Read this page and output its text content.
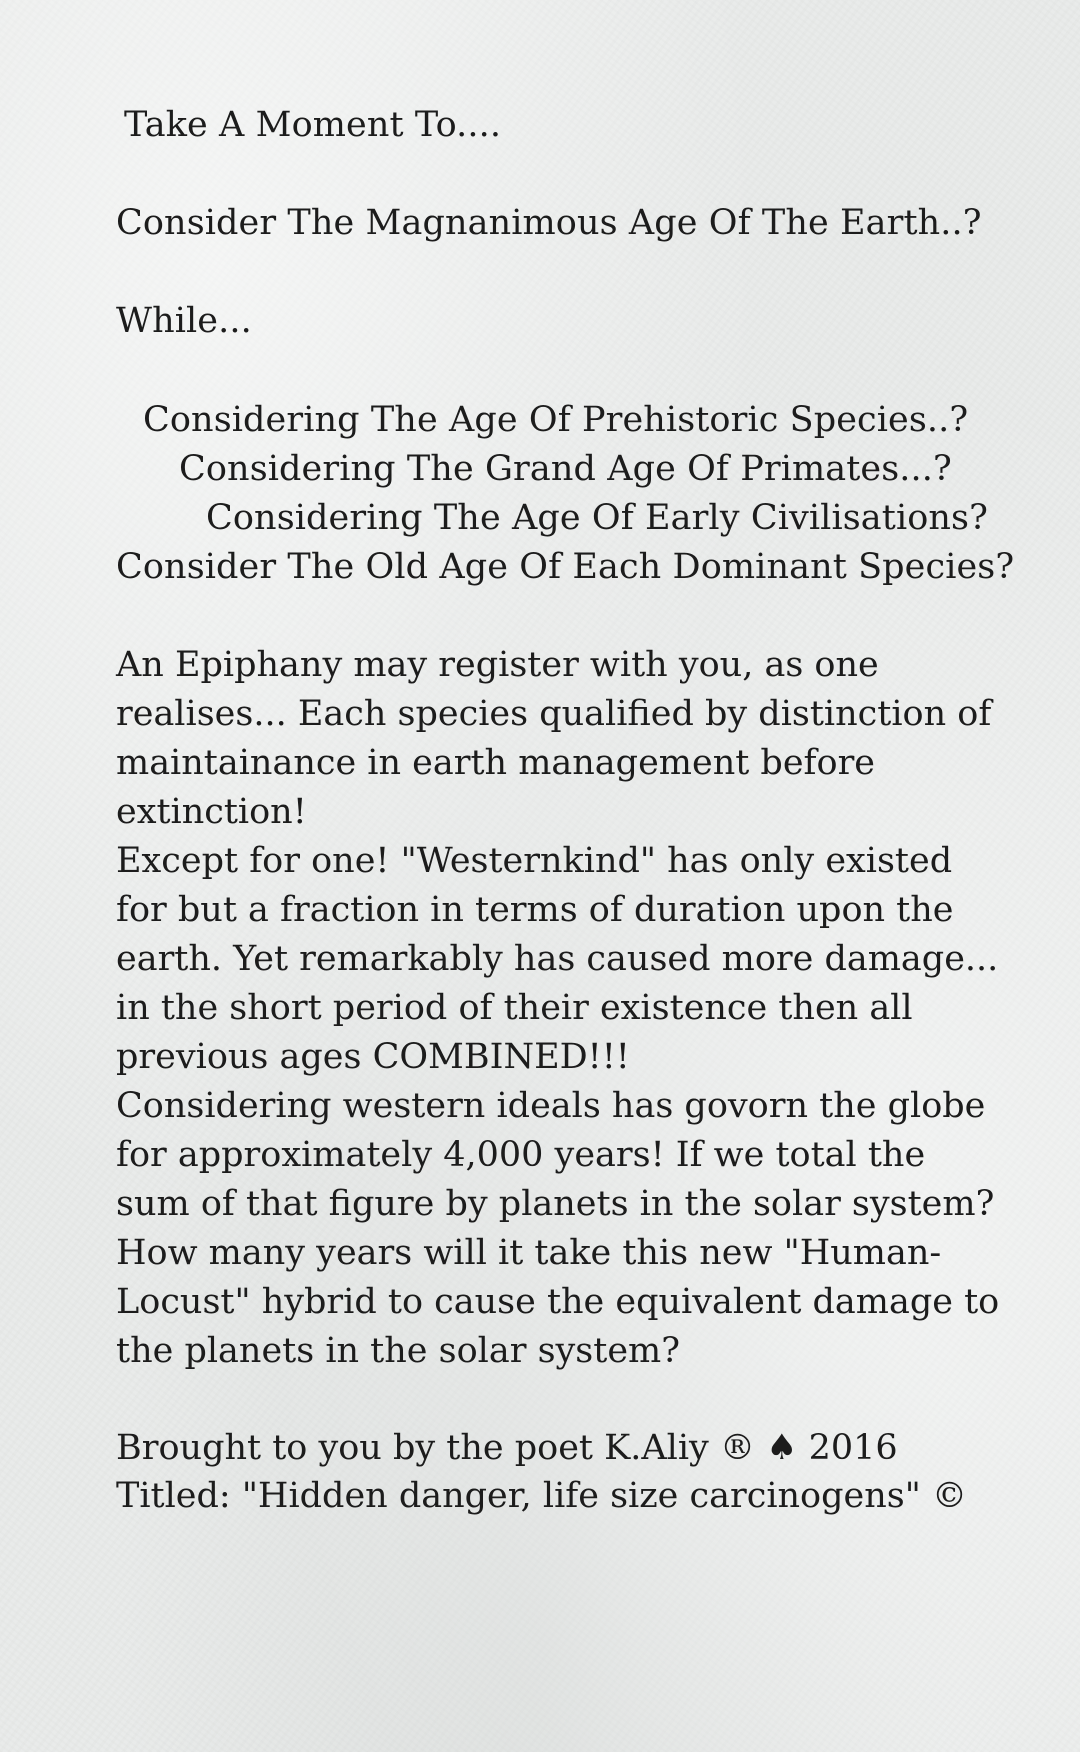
Take A Moment To....
Consider The Magnanimous Age Of The Earth..?
While...
Considering The Age Of Prehistoric Species..?
Considering The Grand Age Of Primates...?
Considering The Age Of Early Civilisations?
Consider The Old Age Of Each Dominant Species?
An Epiphany may register with you, as one
realises... Each species qualified by distinction of
maintainance in earth management before
extinction!
Except for one! "Westernkind" has only existed
for but a fraction in terms of duration upon the
earth. Yet remarkably has caused more damage...
in the short period of their existence then all
previous ages COMBINED!!!
Considering western ideals has govorn the globe
for approximately 4,000 years! If we total the
sum of that figure by planets in the solar system?
How many years will it take this new "Human-
Locust" hybrid to cause the equivalent damage to
the planets in the solar system?
Brought to you by the poet K.Aliy ® ♠ 2016
Titled: "Hidden danger, life size carcinogens" ©
